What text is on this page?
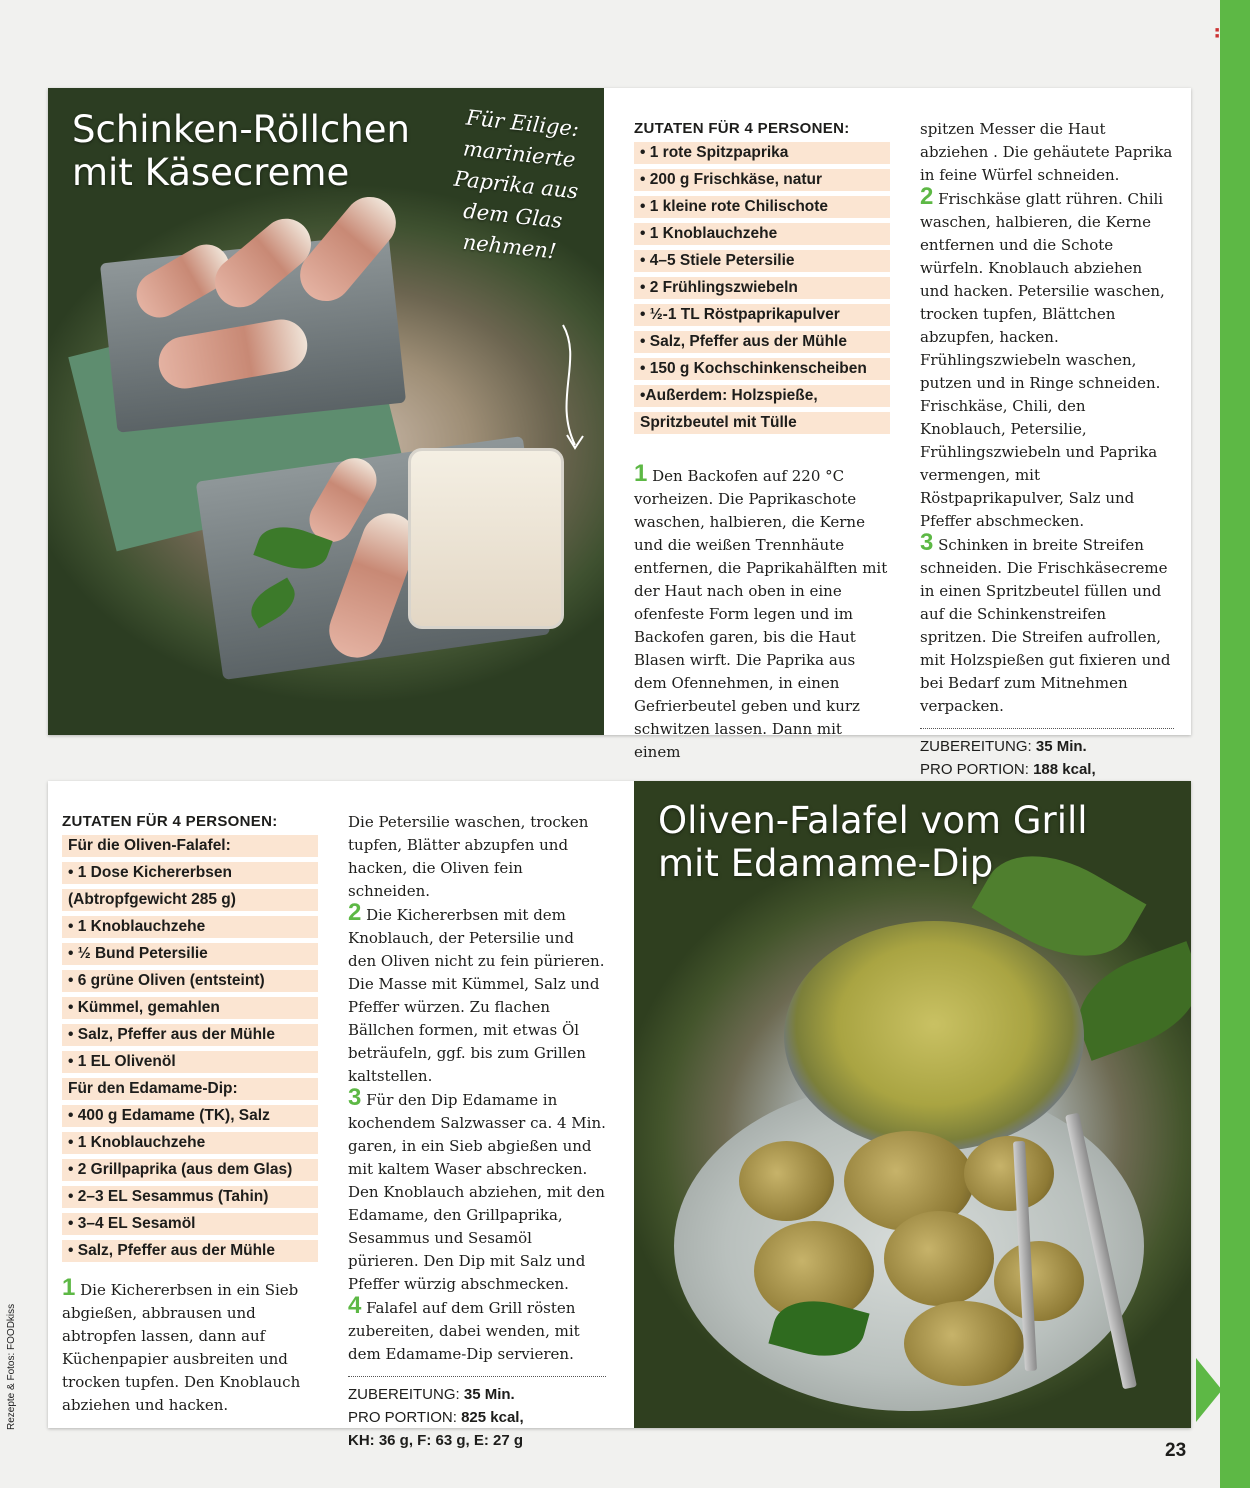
■
■
Schinken-Röllchen
mit Käsecreme
Für Eilige:
marinierte
Paprika aus
dem Glas
nehmen!

ZUTATEN FÜR 4 PERSONEN:

• 1 rote Spitzpaprika
• 200 g Frischkäse, natur
• 1 kleine rote Chilischote
• 1 Knoblauchzehe
• 4–5 Stiele Petersilie
• 2 Frühlingszwiebeln
• ½-1 TL Röstpaprikapulver
• Salz, Pfeffer aus der Mühle
• 150 g Kochschinkenscheiben
•Außerdem: Holzspieße,
Spritzbeutel mit Tülle

1 Den Backofen auf 220 °C vorheizen. Die Paprikaschote waschen, halbieren, die Kerne und die weißen Trennhäute entfernen, die Paprikahälften mit der Haut nach oben in eine ofenfeste Form legen und im Backofen garen, bis die Haut Blasen wirft. Die Paprika aus dem Ofennehmen, in einen Gefrierbeutel geben und kurz schwitzen lassen. Dann mit einem

spitzen Messer die Haut abziehen . Die gehäutete Paprika in feine Würfel schneiden.

2 Frischkäse glatt rühren. Chili waschen, halbieren, die Kerne entfernen und die Schote würfeln. Knoblauch abziehen und hacken. Petersilie waschen, trocken tupfen, Blättchen abzupfen, hacken. Frühlingszwiebeln waschen, putzen und in Ringe schneiden. Frischkäse, Chili, den Knoblauch, Petersilie, Frühlingszwiebeln und Paprika vermengen, mit Röstpaprikapulver, Salz und Pfeffer abschmecken.

3 Schinken in breite Streifen schneiden. Die Frischkäsecreme in einen Spritzbeutel füllen und auf die Schinkenstreifen spritzen. Die Streifen aufrollen, mit Holzspießen gut fixieren und bei Bedarf zum Mitnehmen verpacken.

ZUBEREITUNG: 35 Min.

PRO PORTION: 188 kcal,

ZUTATEN FÜR 4 PERSONEN:

Für die Oliven-Falafel:
• 1 Dose Kichererbsen
(Abtropfgewicht 285 g)
• 1 Knoblauchzehe
• ½ Bund Petersilie
• 6 grüne Oliven (entsteint)
• Kümmel, gemahlen
• Salz, Pfeffer aus der Mühle
• 1 EL Olivenöl
Für den Edamame-Dip:
• 400 g Edamame (TK), Salz
• 1 Knoblauchzehe
• 2 Grillpaprika (aus dem Glas)
• 2–3 EL Sesammus (Tahin)
• 3–4 EL Sesamöl
• Salz, Pfeffer aus der Mühle

1 Die Kichererbsen in ein Sieb abgießen, abbrausen und abtropfen lassen, dann auf Küchenpapier ausbreiten und trocken tupfen. Den Knoblauch abziehen und hacken.

Die Petersilie waschen, trocken tupfen, Blätter abzupfen und hacken, die Oliven fein schneiden.

2 Die Kichererbsen mit dem Knoblauch, der Petersilie und den Oliven nicht zu fein pürieren. Die Masse mit Kümmel, Salz und Pfeffer würzen. Zu flachen Bällchen formen, mit etwas Öl beträufeln, ggf. bis zum Grillen kaltstellen.

3 Für den Dip Edamame in kochendem Salzwasser ca. 4 Min. garen, in ein Sieb abgießen und mit kaltem Waser abschrecken. Den Knoblauch abziehen, mit den Edamame, den Grillpaprika, Sesammus und Sesamöl pürieren. Den Dip mit Salz und Pfeffer würzig abschmecken.

4 Falafel auf dem Grill rösten zubereiten, dabei wenden, mit dem Edamame-Dip servieren.

ZUBEREITUNG: 35 Min.

PRO PORTION: 825 kcal,

KH: 36 g, F: 63 g, E: 27 g

Oliven-Falafel vom Grill
mit Edamame-Dip
Rezepte & Fotos: FOODkiss
23
